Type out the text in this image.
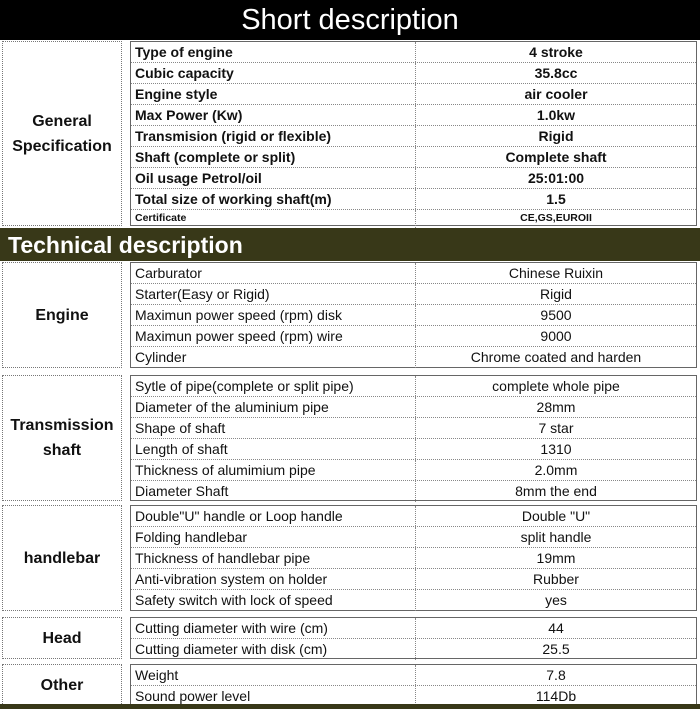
Short description
General Specification
Type of engine	4 stroke
Cubic capacity	35.8cc
Engine style	air cooler
Max Power (Kw)	1.0kw
Transmision (rigid or flexible)	Rigid
Shaft (complete or split)	Complete shaft
Oil usage Petrol/oil	25:01:00
Total size of working shaft(m)	1.5
Certificate	CE,GS,EUROII
Technical description
Engine
Carburator	Chinese Ruixin
Starter(Easy or Rigid)	Rigid
Maximun power speed (rpm) disk	9500
Maximun power speed (rpm) wire	9000
Cylinder	Chrome coated and harden
Transmission shaft
Sytle of pipe(complete or split pipe)	complete whole pipe
Diameter of the aluminium pipe	28mm
Shape of shaft	7 star
Length of shaft	1310
Thickness of alumimium pipe	2.0mm
Diameter Shaft	8mm the end
handlebar
Double"U" handle or Loop handle	Double "U"
Folding handlebar	split handle
Thickness of handlebar pipe	19mm
Anti-vibration system on holder	Rubber
Safety switch with lock of speed	yes
Head
Cutting diameter with wire (cm)	44
Cutting diameter with disk (cm)	25.5
Other
Weight	7.8
Sound power level	114Db
